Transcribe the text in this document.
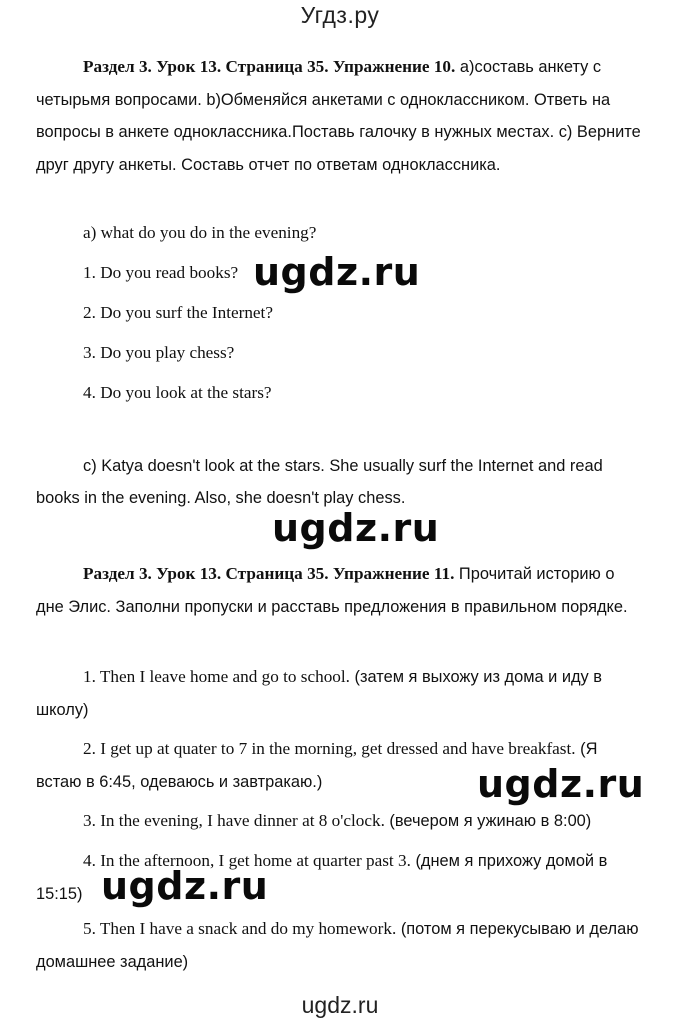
Угдз.ру
Раздел 3. Урок 13. Страница 35. Упражнение 10. а)составь анкету с четырьмя вопросами. b)Обменяйся анкетами с одноклассником. Ответь на вопросы в анкете одноклассника.Поставь галочку в нужных местах. с) Верните друг другу анкеты. Составь отчет по ответам одноклассника.
a) what do you do in the evening?
1. Do you read books?
2. Do you surf the Internet?
3. Do you play chess?
4. Do you look at the stars?
c) Katya doesn't look at the stars. She usually surf the Internet and read books in the evening. Also, she doesn't play chess.
Раздел 3. Урок 13. Страница 35. Упражнение 11. Прочитай историю о дне Элис. Заполни пропуски и расставь предложения в правильном порядке.
1. Then I leave home and go to school. (затем я выхожу из дома и иду в школу)
2. I get up at quater to 7 in the morning, get dressed and have breakfast. (Я встаю в 6:45, одеваюсь и завтракаю.)
3. In the evening, I have dinner at 8 o'clock. (вечером я ужинаю в 8:00)
4. In the afternoon, I get home at quarter past 3. (днем я прихожу домой в 15:15)
5. Then I have a snack and do my homework. (потом я перекусываю и делаю домашнее задание)
ugdz.ru
ugdz.ru
ugdz.ru
ugdz.ru
ugdz.ru
